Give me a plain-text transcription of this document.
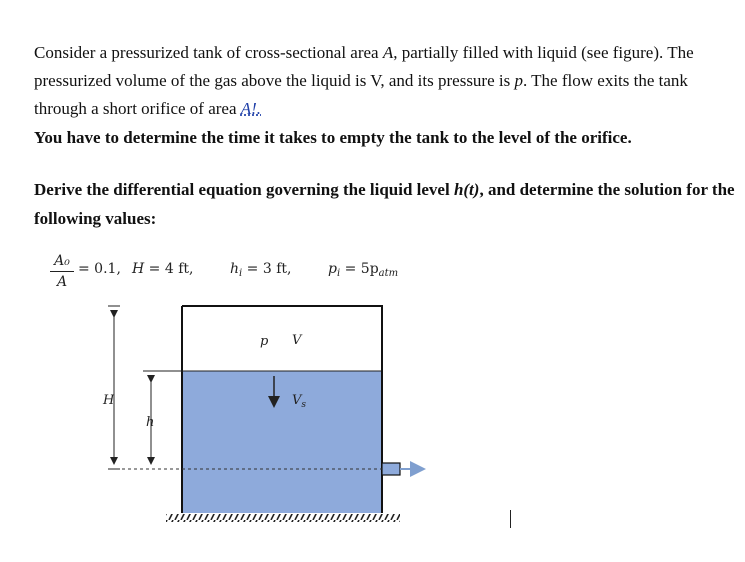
Consider a pressurized tank of cross-sectional area A, partially filled with liquid (see figure). The pressurized volume of the gas above the liquid is V, and its pressure is p. The flow exits the tank through a short orifice of area A!.

You have to determine the time it takes to empty the tank to the level of the orifice.

Derive the differential equation governing the liquid level h(t), and determine the solution for the following values:

$\frac{\text{A₀}}{A} = 0.1$, H = 4 ft,	$h_i = 3$ ft,	$p_i = 5p_{atm}$
H
h
p V
$V_s$
